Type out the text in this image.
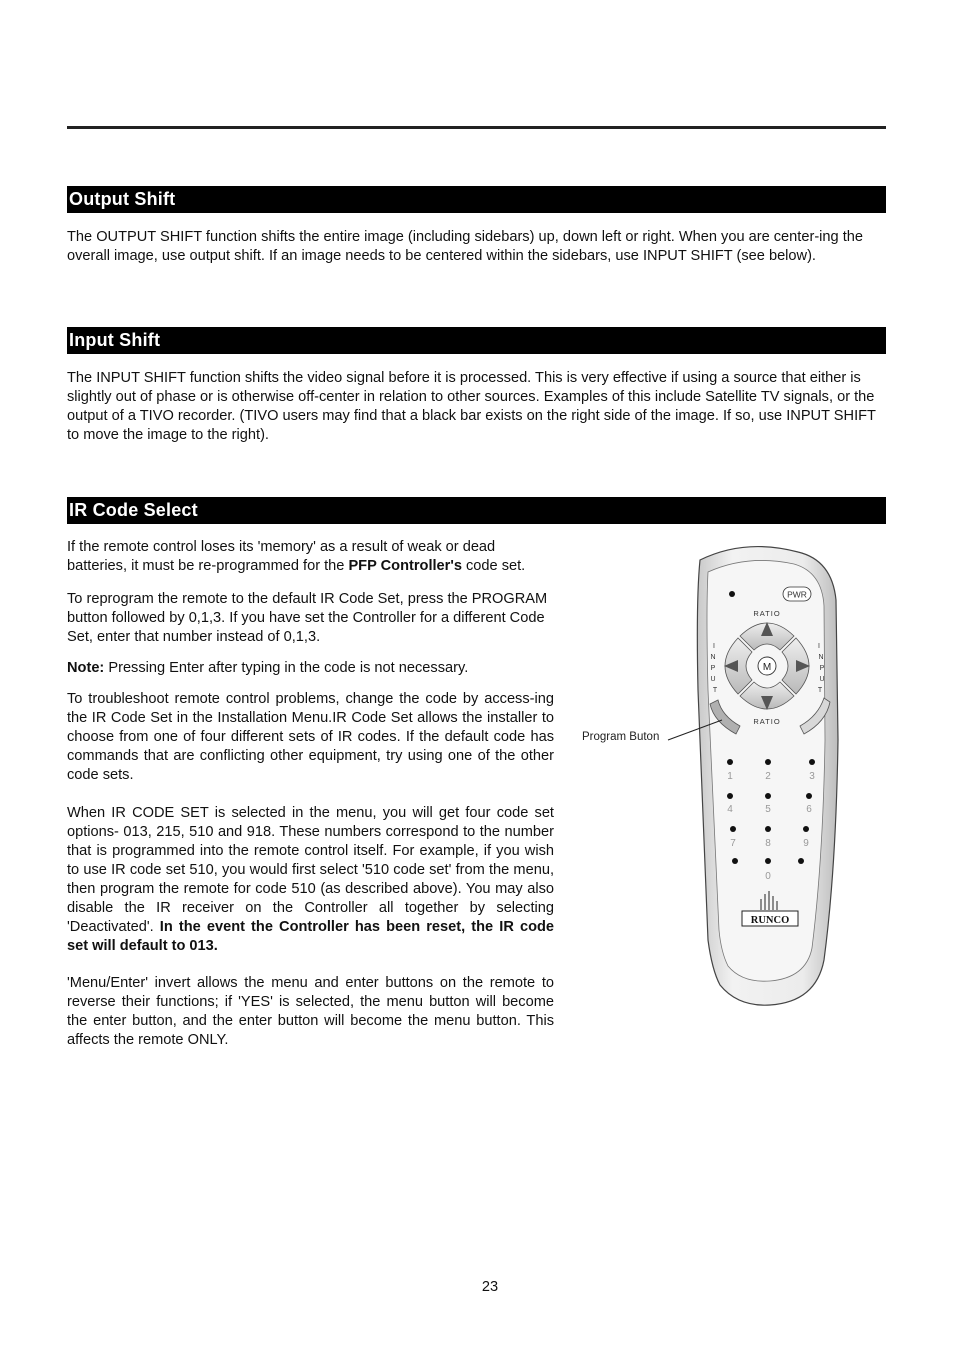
Output Shift

The OUTPUT SHIFT function shifts the entire image (including sidebars) up, down left or right. When you are center-ing the overall image, use output shift. If an image needs to be centered within the sidebars, use INPUT SHIFT (see below).

Input Shift

The INPUT SHIFT function shifts the video signal before it is processed. This is very effective if using a source that either is slightly out of phase or is otherwise off-center in relation to other sources. Examples of this include Satellite TV signals, or the output of a TIVO recorder. (TIVO users may find that a black bar exists on the right side of the image. If so, use INPUT SHIFT to move the image to the right).

IR Code Select

If the remote control loses its 'memory' as a result of weak or dead batteries, it must be re-programmed for the PFP Controller's code set.

To reprogram the remote to the default IR Code Set, press the PROGRAM button followed by 0,1,3. If you have set the Controller for a different Code Set, enter that number instead of 0,1,3.

Note: Pressing Enter after typing in the code is not necessary.

To troubleshoot remote control problems, change the code by access-ing the IR Code Set in the Installation Menu.IR Code Set allows the installer to choose from one of four different sets of IR codes. If the default code has commands that are conflicting other equipment, try using one of the other code sets.

When IR CODE SET is selected in the menu, you will get four code set options- 013, 215, 510 and 918. These numbers correspond to the number that is programmed into the remote control itself. For example, if you wish to use IR code set 510, you would first select '510 code set' from the menu, then program the remote for code 510 (as described above). You may also disable the IR receiver on the Controller all together by selecting 'Deactivated'. In the event the Controller has been reset, the IR code set will default to 013.

'Menu/Enter' invert allows the menu and enter buttons on the remote to reverse their functions; if 'YES' is selected, the menu button will become the enter button, and the enter button will become the menu button. This affects the remote ONLY.

Program Buton
PWR
RATIO
M
RATIO
I
N
P
U
T
I
N
P
U
T
1	2	3
4	5	6
7	8	9
0
RUNCO
23
